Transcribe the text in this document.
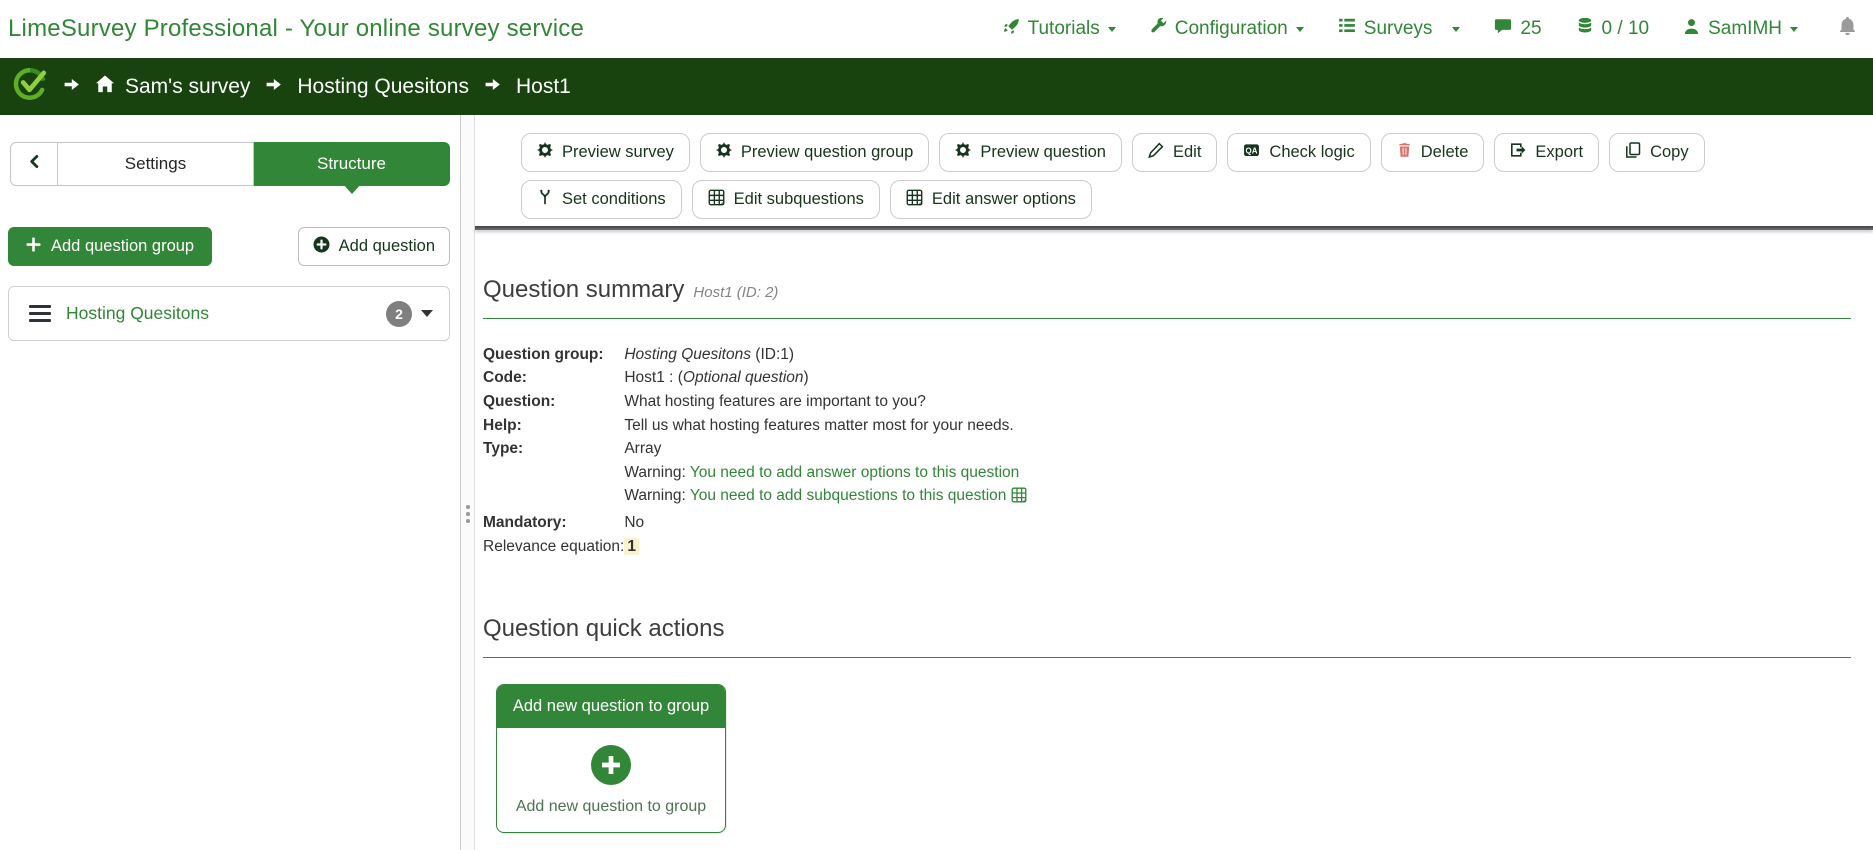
LimeSurvey Professional - Your online survey service	Tutorials	Configuration	Surveys	25	0 / 10	SamIMH
Sam's survey Hosting Quesitons Host1
Settings	Structure
Add question group	Add question
Hosting Quesitons	2
Preview survey	Preview question group	Preview question	Edit	QA Check logic	Delete	Export	Copy
Set conditions	Edit subquestions	Edit answer options
Question summary Host1 (ID: 2)
Question group:	Hosting Quesitons (ID:1)
Code:	Host1 : (Optional question)
Question:	What hosting features are important to you?
Help:	Tell us what hosting features matter most for your needs.
Type:	Array
	Warning: You need to add answer options to this question
	Warning: You need to add subquestions to this question
Mandatory:	No
Relevance equation:	1
Question quick actions
Add new question to group
Add new question to group
